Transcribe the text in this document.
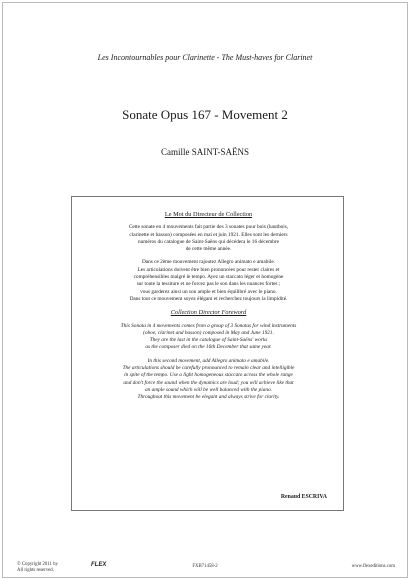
Les Incontournables pour Clarinette - The Must-haves for Clarinet
Sonate Opus 167 - Movement 2
Camille SAINT-SAËNS
Le Mot du Directeur de Collection
Cette sonate en 4 mouvements fait partie des 3 sonates pour bois (hautbois,
clarinette et basson) composées en mai et juin 1921. Elles sont les derniers
numéros du catalogue de Saint-Saëns qui décédera le 16 décembre
de cette même année.
Dans ce 2ème mouvement rajoutez Allegro animato e amabile.
Les articulations doivent être bien prononcées pour rester claires et
compréhensibles malgré le tempo. Ayez un staccato léger et homogène
sur toute la tessiture et ne forcez pas le son dans les nuances fortes ;
vous garderez ainsi un son ample et bien équilibré avec le piano.
Dans tout ce mouvement soyez élégant et recherchez toujours la limpidité.
Collection Director Foreword
This Sonata in 4 movements comes from a group of 3 Sonatas for wind instruments
(oboe, clarinet and basson) composed in May and June 1921.
They are the last in the catalogue of Saint-Saëns' works
as the composer died on the 16th December that same year.
In this second movement, add Allegro animato e amabile.
The articulations should be carefully pronounced to remain clear and intelligible
in spite of the tempo. Use a light homogeneous staccato across the whole range
and don't force the sound when the dynamics are loud; you will achieve like that
an ample sound which will be well balanced with the piano.
Throughout this movement be elegant and always strive for clarity.
Renaud ESCRIVA
© Copyright 2011 by
All rights reserved.
FLEX	FXB71458-2	www.flexeditions.com
